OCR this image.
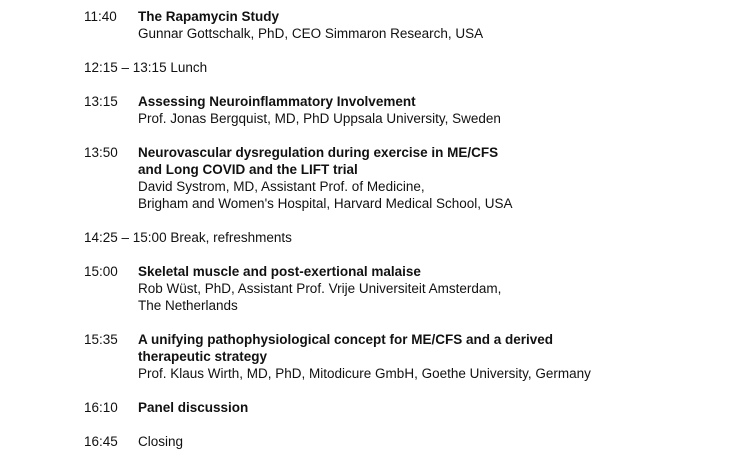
11:40	The Rapamycin Study
Gunnar Gottschalk, PhD, CEO Simmaron Research, USA
12:15 – 13:15 Lunch
13:15	Assessing Neuroinflammatory Involvement
Prof. Jonas Bergquist, MD, PhD Uppsala University, Sweden
13:50	Neurovascular dysregulation during exercise in ME/CFS
and Long COVID and the LIFT trial
David Systrom, MD, Assistant Prof. of Medicine,
Brigham and Women's Hospital, Harvard Medical School, USA
14:25 – 15:00 Break, refreshments
15:00	Skeletal muscle and post-exertional malaise
Rob Wüst, PhD, Assistant Prof. Vrije Universiteit Amsterdam,
The Netherlands
15:35	A unifying pathophysiological concept for ME/CFS and a derived
therapeutic strategy
Prof. Klaus Wirth, MD, PhD, Mitodicure GmbH, Goethe University, Germany
16:10	Panel discussion
16:45	Closing
